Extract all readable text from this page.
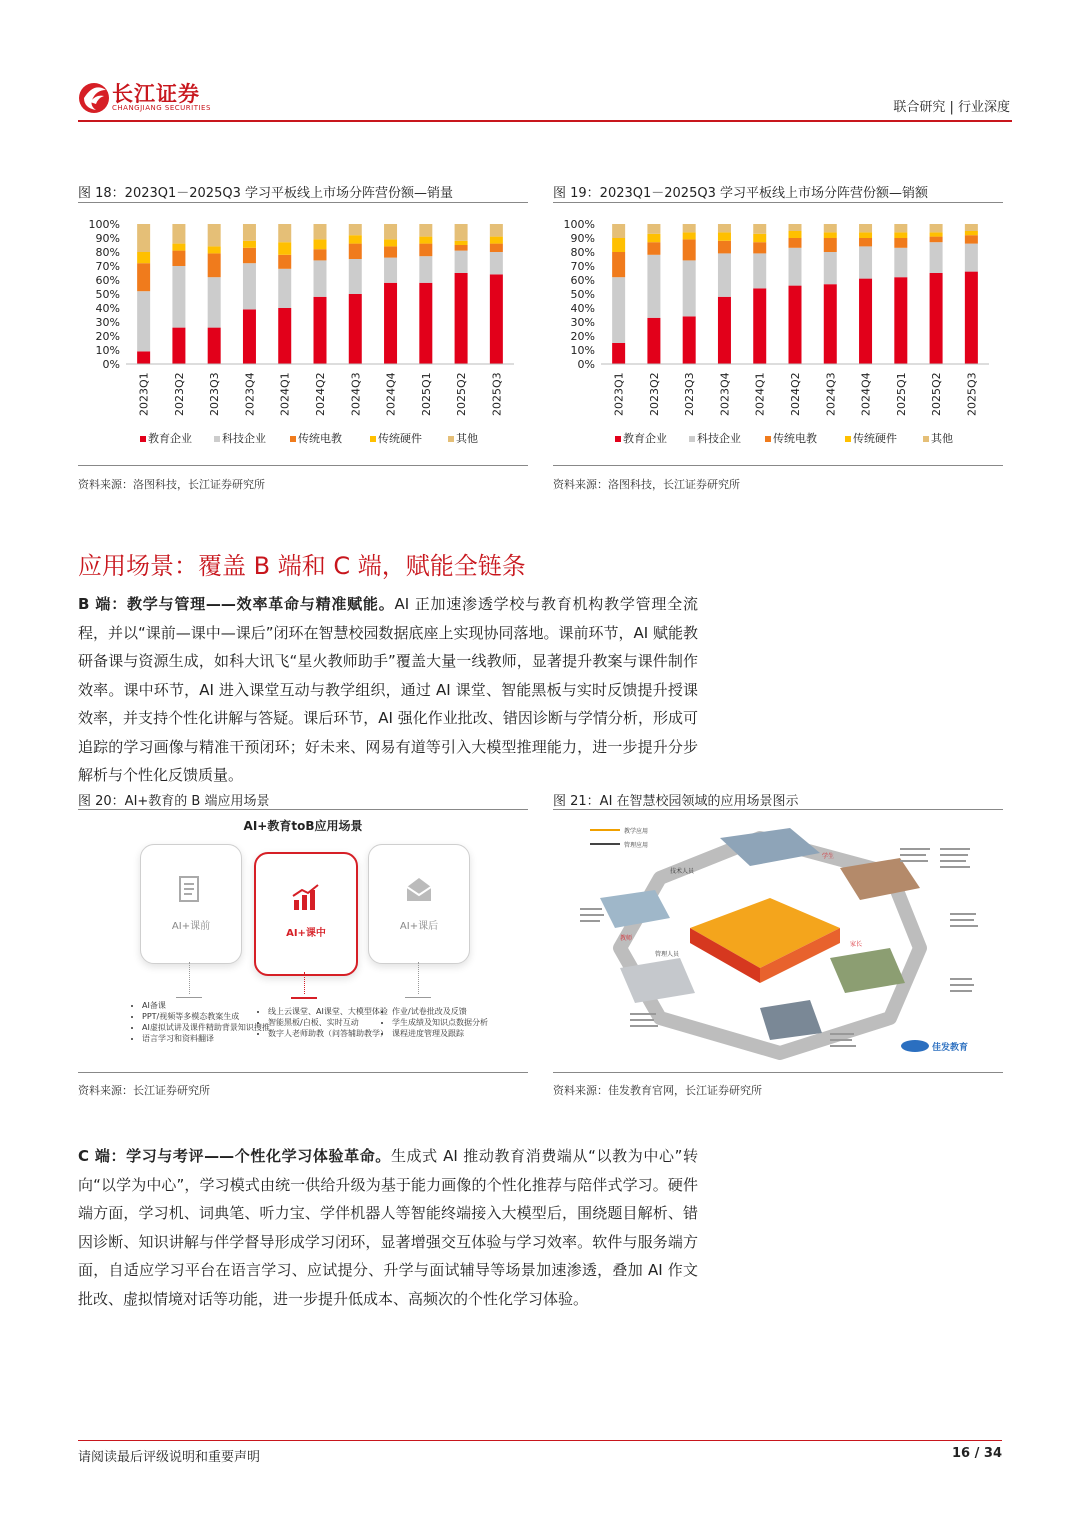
长江证券
CHANGJIANG SECURITIES	联合研究 | 行业深度
图 18：2023Q1－2025Q3 学习平板线上市场分阵营份额—销量
100%
90%
80%
70%
60%
50%
40%
30%
20%
10%
0%
2023Q1 2023Q2 2023Q3 2023Q4 2024Q1 2024Q2 2024Q3 2024Q4 2025Q1 2025Q2 2025Q3
教育企业	科技企业	传统电教	传统硬件	其他
资料来源：洛图科技，长江证券研究所
图 19：2023Q1－2025Q3 学习平板线上市场分阵营份额—销额
100%
90%
80%
70%
60%
50%
40%
30%
20%
10%
0%
2023Q1 2023Q2 2023Q3 2023Q4 2024Q1 2024Q2 2024Q3 2024Q4 2025Q1 2025Q2 2025Q3
教育企业	科技企业	传统电教	传统硬件	其他
资料来源：洛图科技，长江证券研究所
应用场景：覆盖 B 端和 C 端，赋能全链条
B 端：教学与管理——效率革命与精准赋能。AI 正加速渗透学校与教育机构教学管理全流程，并以“课前—课中—课后”闭环在智慧校园数据底座上实现协同落地。课前环节，AI 赋能教研备课与资源生成，如科大讯飞“星火教师助手”覆盖大量一线教师，显著提升教案与课件制作效率。课中环节，AI 进入课堂互动与教学组织，通过 AI 课堂、智能黑板与实时反馈提升授课效率，并支持个性化讲解与答疑。课后环节，AI 强化作业批改、错因诊断与学情分析，形成可追踪的学习画像与精准干预闭环；好未来、网易有道等引入大模型推理能力，进一步提升分步解析与个性化反馈质量。
图 20：AI+教育的 B 端应用场景
AI+教育toB应用场景
AI+课前
AI+课中
AI+课后
• AI备课
• PPT/视频等多模态教案生成
• AI虚拟试讲及课件精助背景知识搜推
• 语言学习和资料翻译
• 线上云课堂、AI课堂、大模型体验
• 智能黑板/白板、实时互动
• 数字人老师助教（问答辅助教学）
• 作业/试卷批改及反馈
• 学生成绩及知识点数据分析
• 课程进度管理及跟踪
资料来源：长江证券研究所
图 21：AI 在智慧校园领域的应用场景图示
教学应用
管理应用
技术人员
学生
教师
管理人员
家长
佳发教育
资料来源：佳发教育官网，长江证券研究所
C 端：学习与考评——个性化学习体验革命。生成式 AI 推动教育消费端从“以教为中心”转向“以学为中心”，学习模式由统一供给升级为基于能力画像的个性化推荐与陪伴式学习。硬件端方面，学习机、词典笔、听力宝、学伴机器人等智能终端接入大模型后，围绕题目解析、错因诊断、知识讲解与伴学督导形成学习闭环，显著增强交互体验与学习效率。软件与服务端方面，自适应学习平台在语言学习、应试提分、升学与面试辅导等场景加速渗透，叠加 AI 作文批改、虚拟情境对话等功能，进一步提升低成本、高频次的个性化学习体验。
请阅读最后评级说明和重要声明	16 / 34
